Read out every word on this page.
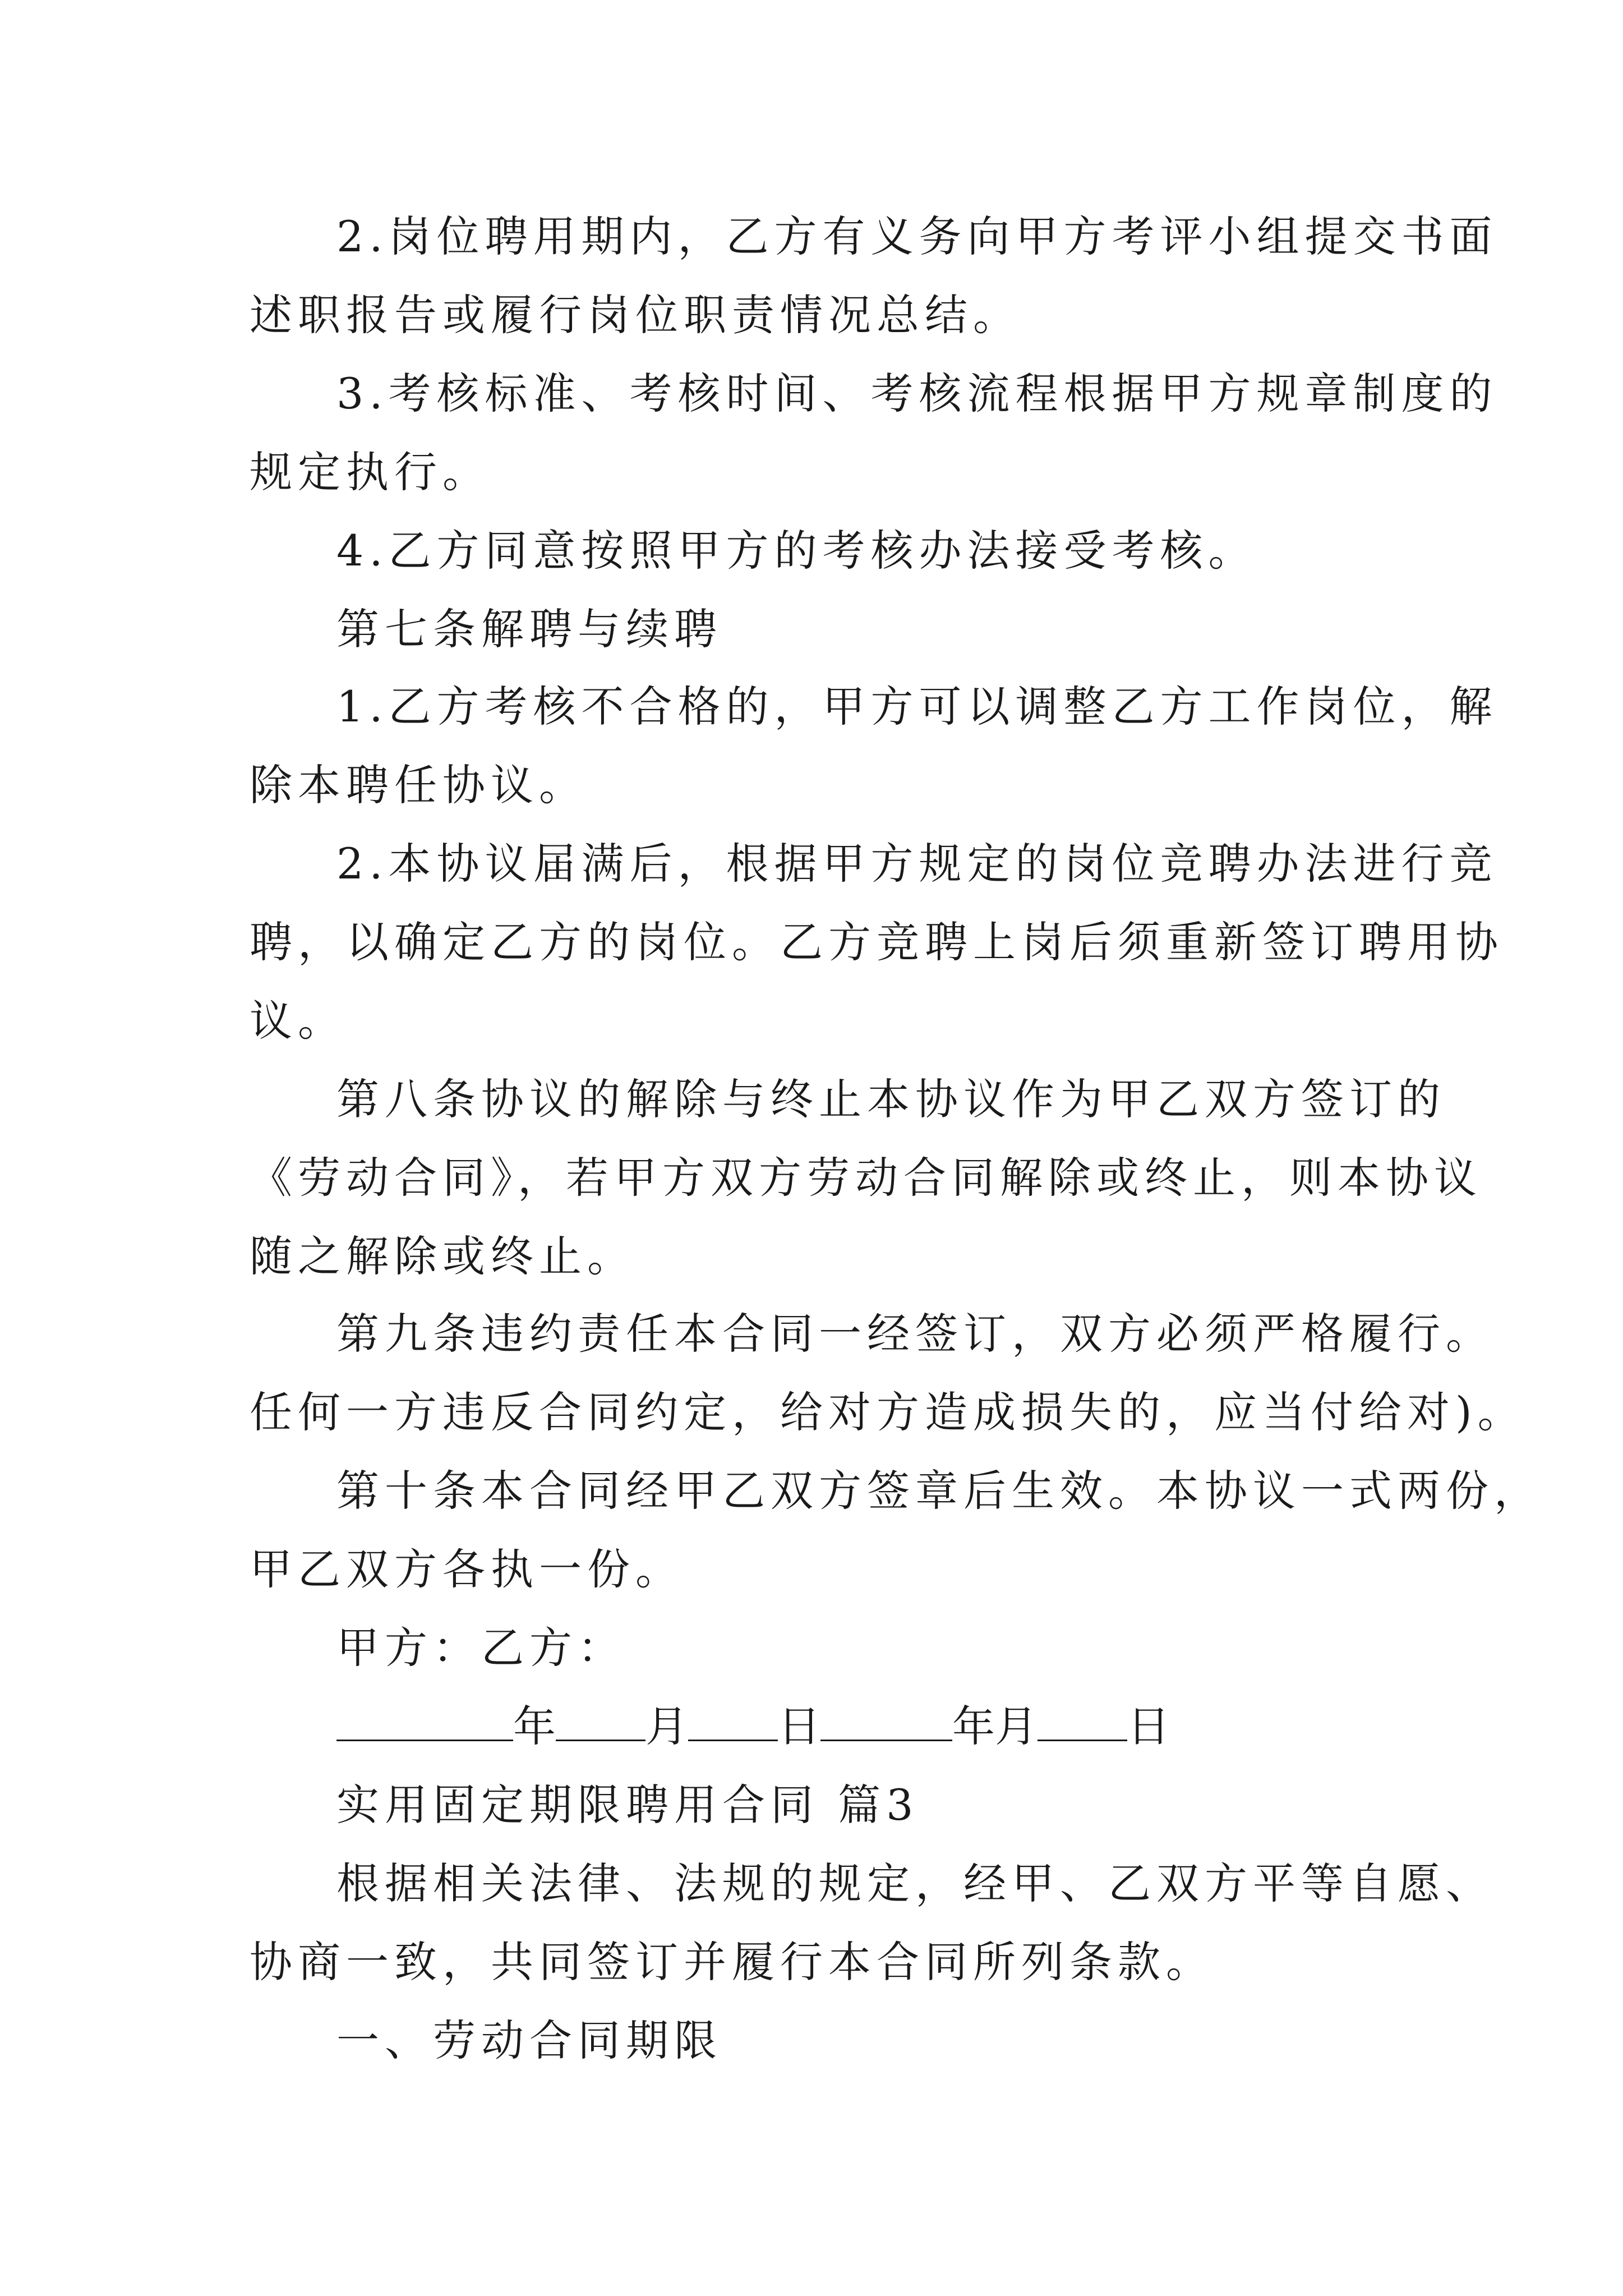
2.岗位聘用期内，乙方有义务向甲方考评小组提交书面
述职报告或履行岗位职责情况总结。
3.考核标准、考核时间、考核流程根据甲方规章制度的
规定执行。
4.乙方同意按照甲方的考核办法接受考核。
第七条解聘与续聘
1.乙方考核不合格的，甲方可以调整乙方工作岗位，解
除本聘任协议。
2.本协议届满后，根据甲方规定的岗位竞聘办法进行竞
聘，以确定乙方的岗位。乙方竞聘上岗后须重新签订聘用协
议。
第八条协议的解除与终止本协议作为甲乙双方签订的
《劳动合同》，若甲方双方劳动合同解除或终止，则本协议
随之解除或终止。
第九条违约责任本合同一经签订，双方必须严格履行。
任何一方违反合同约定，给对方造成损失的，应当付给对)。
第十条本合同经甲乙双方签章后生效。本协议一式两份，
甲乙双方各执一份。
甲方：乙方：
年 月 日	年月 日
实用固定期限聘用合同 篇3
根据相关法律、法规的规定，经甲、乙双方平等自愿、
协商一致，共同签订并履行本合同所列条款。
一、劳动合同期限
